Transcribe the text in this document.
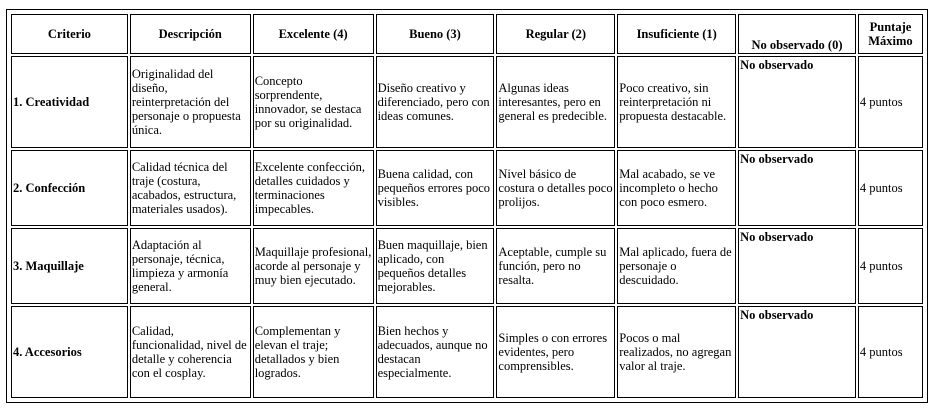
Criterio	Descripción	Excelente (4)	Bueno (3)	Regular (2)	Insuficiente (1)	No observado (0)	Puntaje Máximo
1. Creatividad	Originalidad del diseño, reinterpretación del personaje o propuesta única.	Concepto sorprendente, innovador, se destaca por su originalidad.	Diseño creativo y diferenciado, pero con ideas comunes.	Algunas ideas interesantes, pero en general es predecible.	Poco creativo, sin reinterpretación ni propuesta destacable.	No observado	4 puntos
2. Confección	Calidad técnica del traje (costura, acabados, estructura, materiales usados).	Excelente confección, detalles cuidados y terminaciones impecables.	Buena calidad, con pequeños errores poco visibles.	Nivel básico de costura o detalles poco prolijos.	Mal acabado, se ve incompleto o hecho con poco esmero.	No observado	4 puntos
3. Maquillaje	Adaptación al personaje, técnica, limpieza y armonía general.	Maquillaje profesional, acorde al personaje y muy bien ejecutado.	Buen maquillaje, bien aplicado, con pequeños detalles mejorables.	Aceptable, cumple su función, pero no resalta.	Mal aplicado, fuera de personaje o descuidado.	No observado	4 puntos
4. Accesorios	Calidad, funcionalidad, nivel de detalle y coherencia con el cosplay.	Complementan y elevan el traje; detallados y bien logrados.	Bien hechos y adecuados, aunque no destacan especialmente.	Simples o con errores evidentes, pero comprensibles.	Pocos o mal realizados, no agregan valor al traje.	No observado	4 puntos
